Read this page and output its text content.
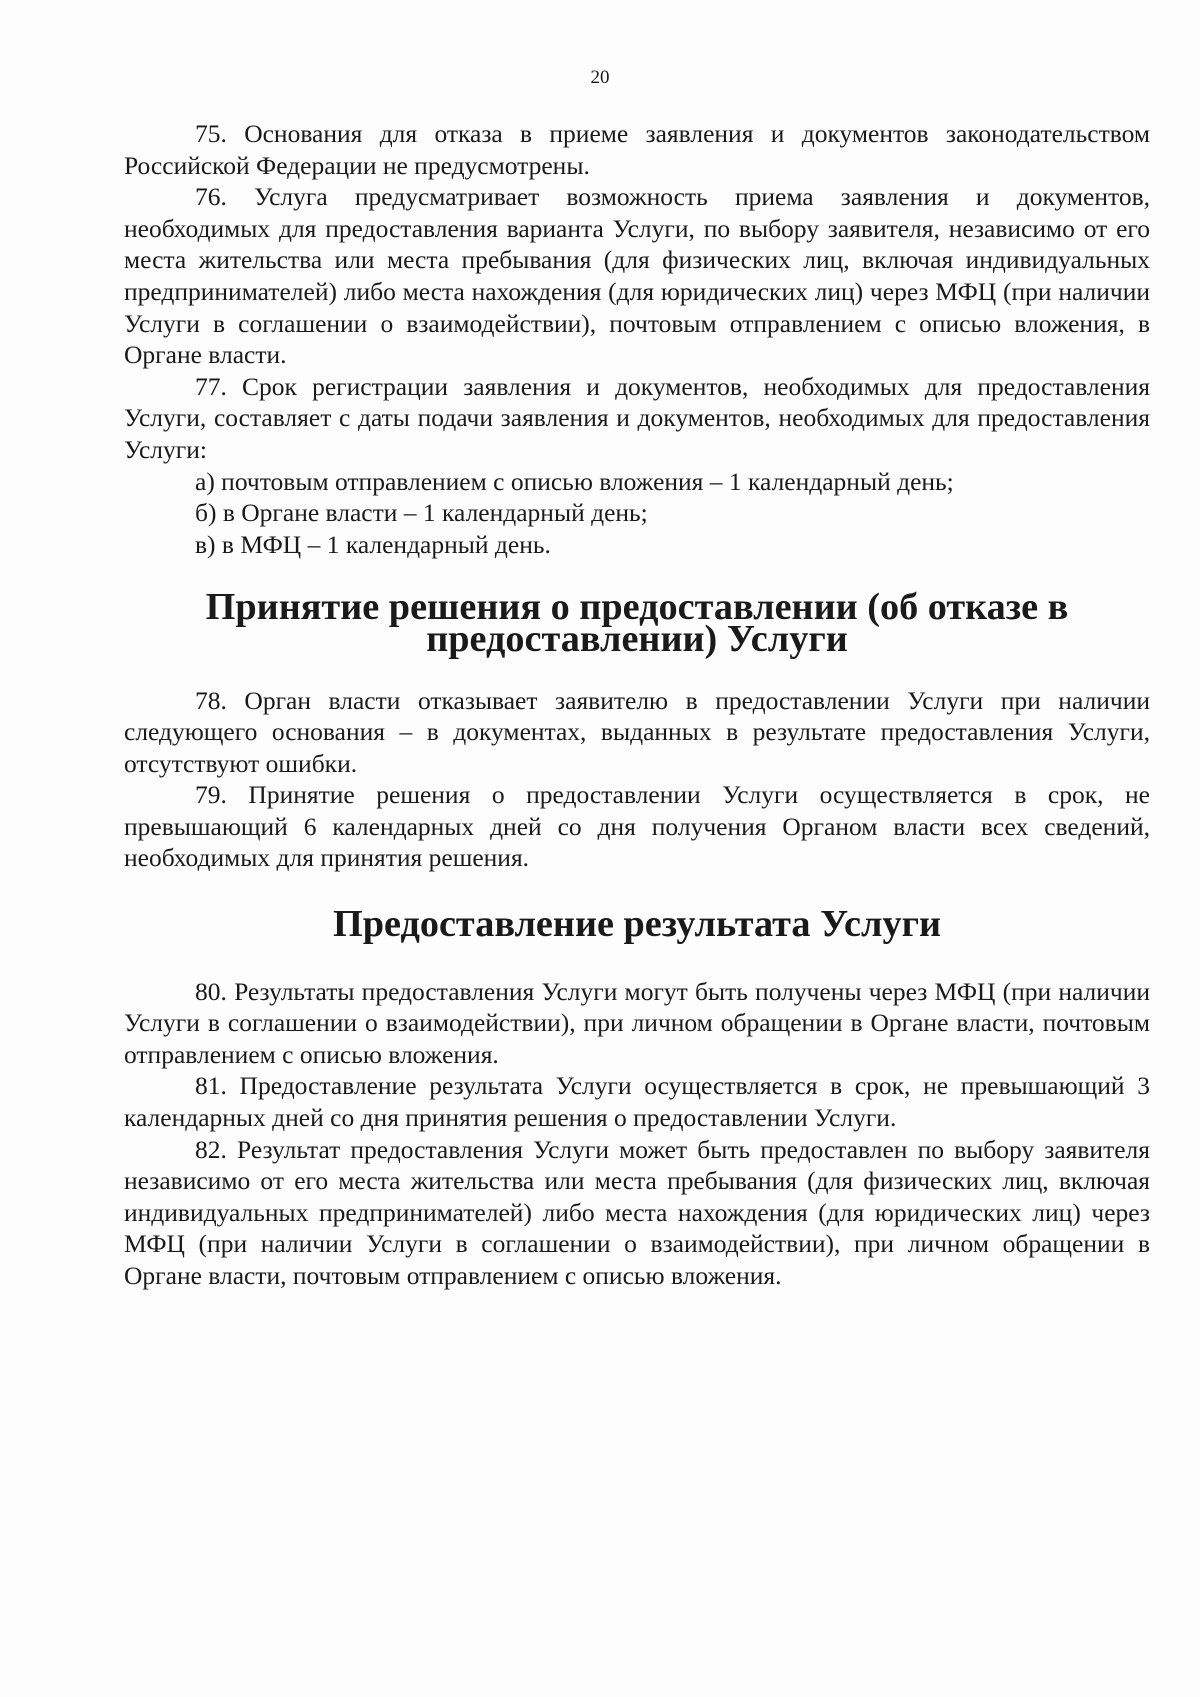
20

75. Основания для отказа в приеме заявления и документов законодательством Российской Федерации не предусмотрены.

76. Услуга предусматривает возможность приема заявления и документов, необходимых для предоставления варианта Услуги, по выбору заявителя, независимо от его места жительства или места пребывания (для физических лиц, включая индивидуальных предпринимателей) либо места нахождения (для юридических лиц) через МФЦ (при наличии Услуги в соглашении о взаимодействии), почтовым отправлением с описью вложения, в Органе власти.

77. Срок регистрации заявления и документов, необходимых для предоставления Услуги, составляет с даты подачи заявления и документов, необходимых для предоставления Услуги:

а) почтовым отправлением с описью вложения – 1 календарный день;

б) в Органе власти – 1 календарный день;

в) в МФЦ – 1 календарный день.

Принятие решения о предоставлении (об отказе в предоставлении) Услуги

78. Орган власти отказывает заявителю в предоставлении Услуги при наличии следующего основания – в документах, выданных в результате предоставления Услуги, отсутствуют ошибки.

79. Принятие решения о предоставлении Услуги осуществляется в срок, не превышающий 6 календарных дней со дня получения Органом власти всех сведений, необходимых для принятия решения.

Предоставление результата Услуги

80. Результаты предоставления Услуги могут быть получены через МФЦ (при наличии Услуги в соглашении о взаимодействии), при личном обращении в Органе власти, почтовым отправлением с описью вложения.

81. Предоставление результата Услуги осуществляется в срок, не превышающий 3 календарных дней со дня принятия решения о предоставлении Услуги.

82. Результат предоставления Услуги может быть предоставлен по выбору заявителя независимо от его места жительства или места пребывания (для физических лиц, включая индивидуальных предпринимателей) либо места нахождения (для юридических лиц) через МФЦ (при наличии Услуги в соглашении о взаимодействии), при личном обращении в Органе власти, почтовым отправлением с описью вложения.
